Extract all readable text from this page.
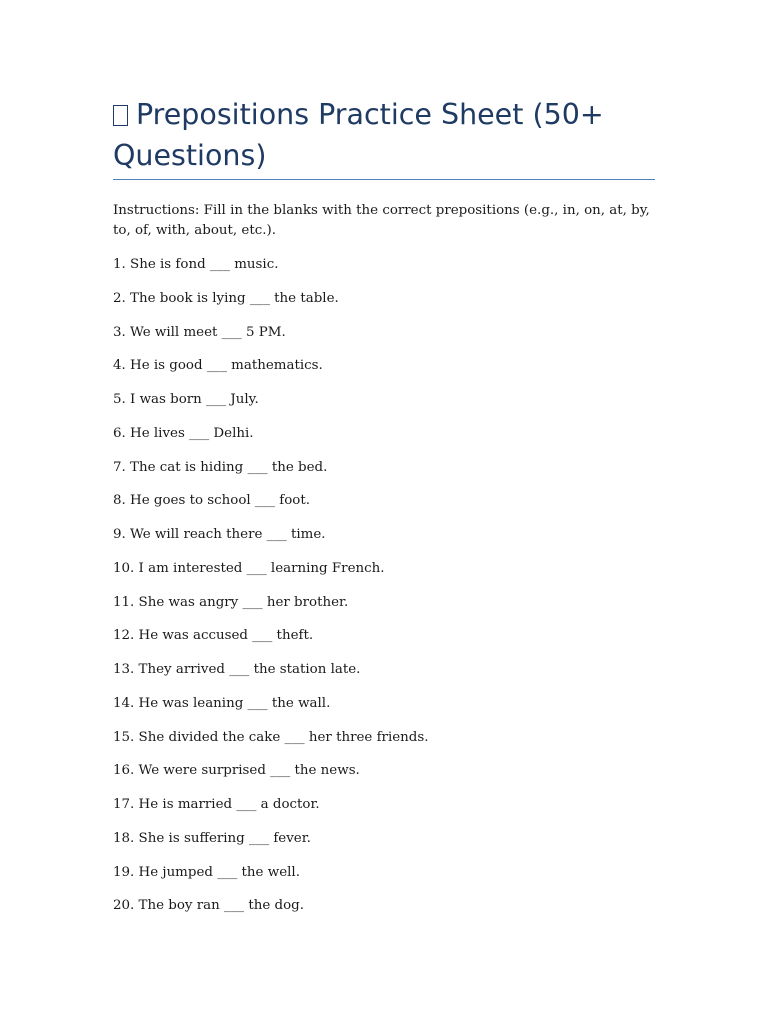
Prepositions Practice Sheet (50+ Questions)

Instructions: Fill in the blanks with the correct prepositions (e.g., in, on, at, by, to, of, with, about, etc.).

1. She is fond ___ music.
2. The book is lying ___ the table.
3. We will meet ___ 5 PM.
4. He is good ___ mathematics.
5. I was born ___ July.
6. He lives ___ Delhi.
7. The cat is hiding ___ the bed.
8. He goes to school ___ foot.
9. We will reach there ___ time.
10. I am interested ___ learning French.
11. She was angry ___ her brother.
12. He was accused ___ theft.
13. They arrived ___ the station late.
14. He was leaning ___ the wall.
15. She divided the cake ___ her three friends.
16. We were surprised ___ the news.
17. He is married ___ a doctor.
18. She is suffering ___ fever.
19. He jumped ___ the well.
20. The boy ran ___ the dog.
